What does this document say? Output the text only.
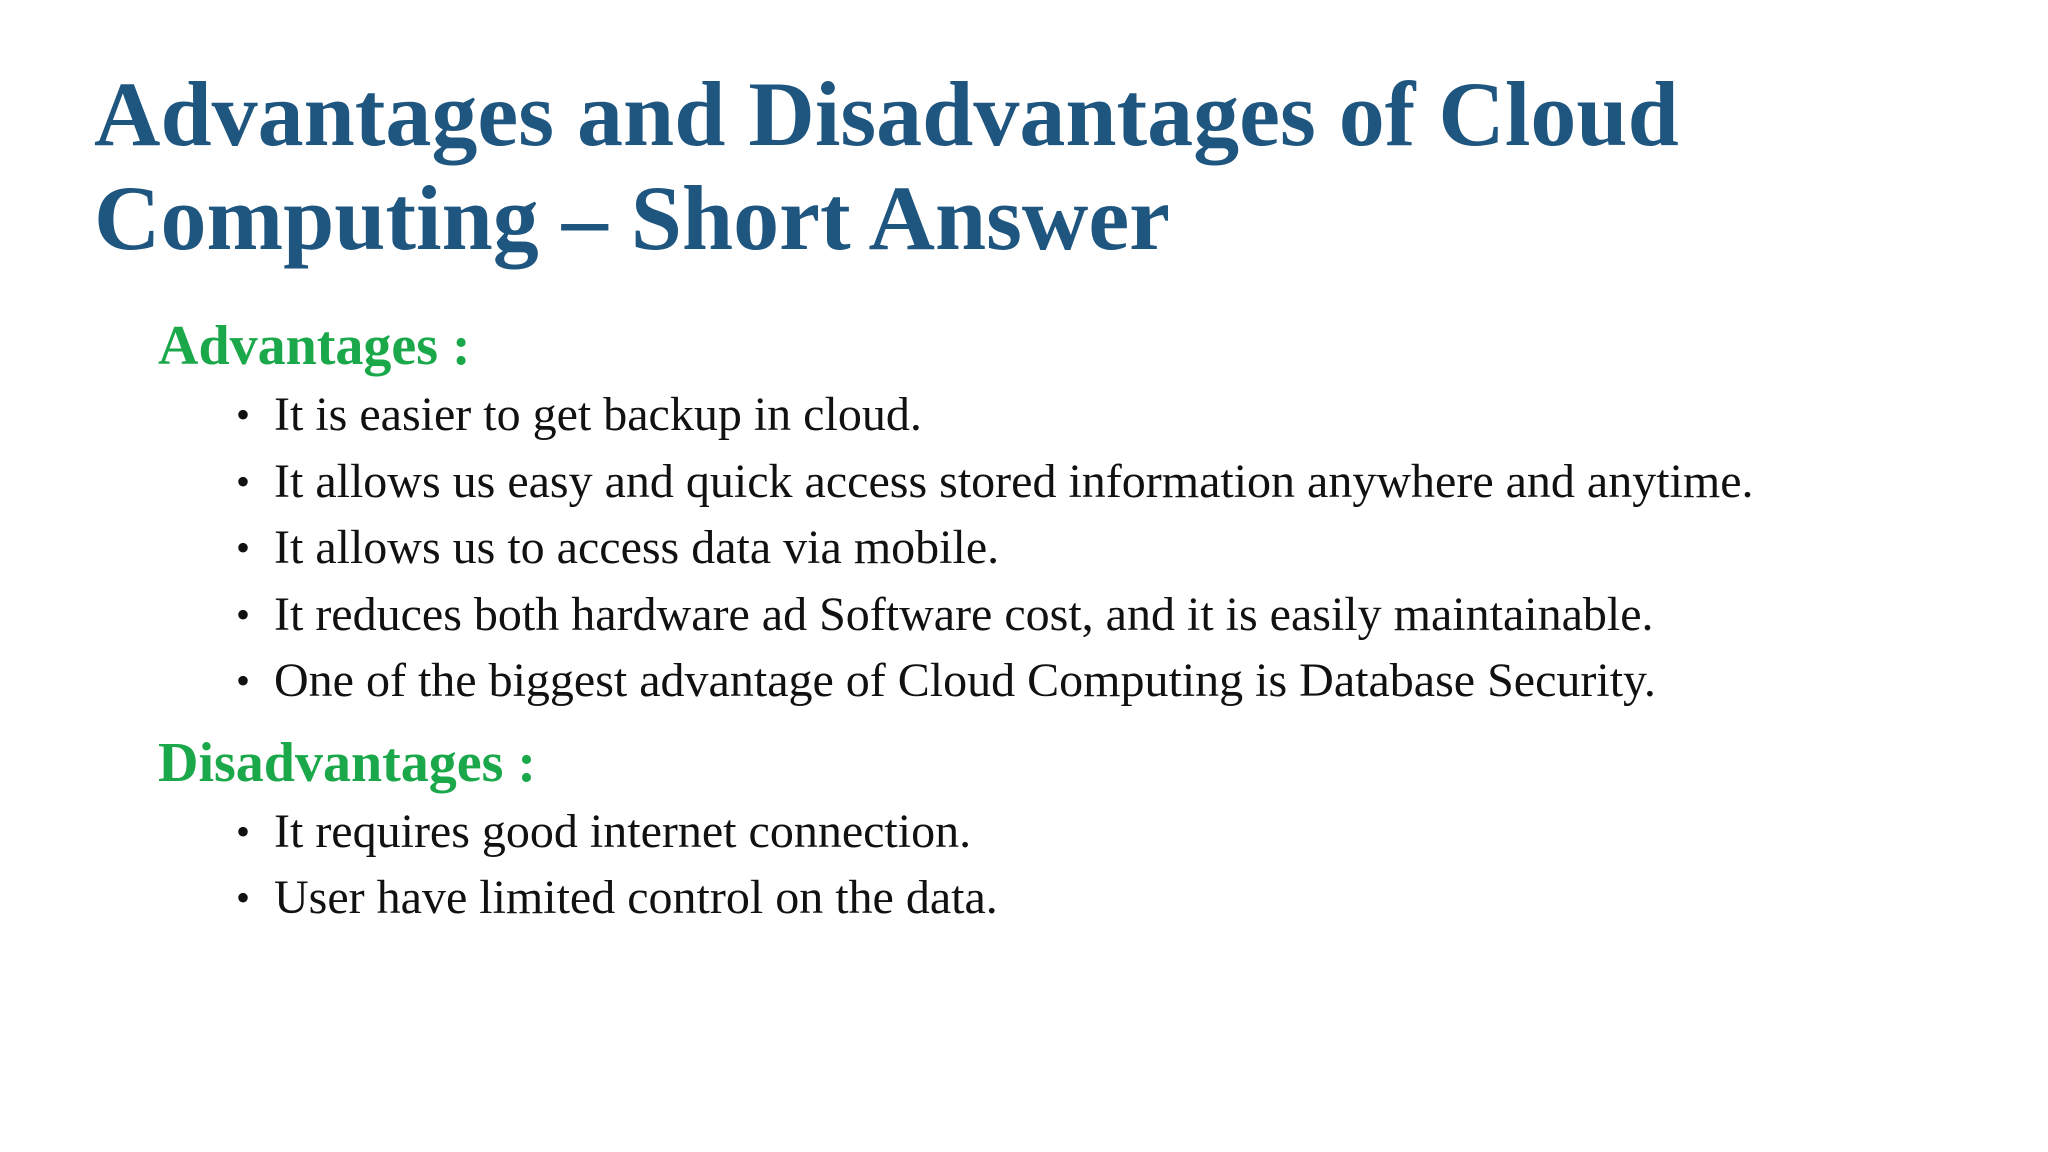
Advantages and Disadvantages of Cloud Computing – Short Answer
Advantages :
• It is easier to get backup in cloud.
• It allows us easy and quick access stored information anywhere and anytime.
• It allows us to access data via mobile.
• It reduces both hardware ad Software cost, and it is easily maintainable.
• One of the biggest advantage of Cloud Computing is Database Security.
Disadvantages :
• It requires good internet connection.
• User have limited control on the data.
